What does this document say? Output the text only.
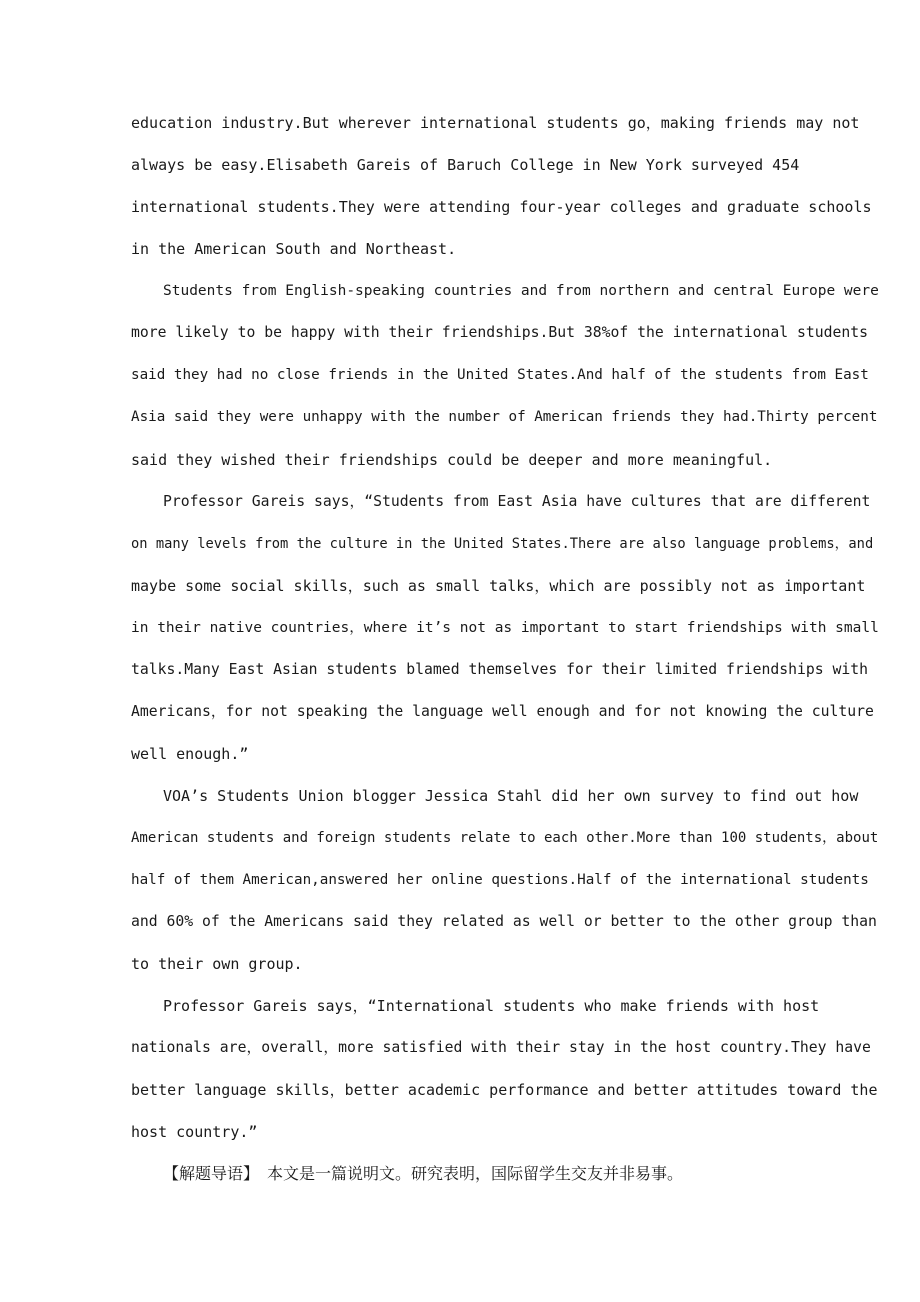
education industry.But wherever international students go，making friends may not
always be easy.Elisabeth Gareis of Baruch College in New York surveyed 454
international students.They were attending four-year colleges and graduate schools
in the American South and Northeast.
Students from English-speaking countries and from northern and central Europe were
more likely to be happy with their friendships.But 38%of the international students
said they had no close friends in the United States.And half of the students from East
Asia said they were unhappy with the number of American friends they had.Thirty percent
said they wished their friendships could be deeper and more meaningful.
Professor Gareis says，“Students from East Asia have cultures that are different
on many levels from the culture in the United States.There are also language problems，and
maybe some social skills，such as small talks，which are possibly not as important
in their native countries，where it’s not as important to start friendships with small
talks.Many East Asian students blamed themselves for their limited friendships with
Americans，for not speaking the language well enough and for not knowing the culture
well enough.”
VOA’s Students Union blogger Jessica Stahl did her own survey to find out how
American students and foreign students relate to each other.More than 100 students，about
half of them American,answered her online questions.Half of the international students
and 60% of the Americans said they related as well or better to the other group than
to their own group.
Professor Gareis says，“International students who make friends with host
nationals are，overall，more satisfied with their stay in the host country.They have
better language skills，better academic performance and better attitudes toward the
host country.”
【解题导语】　本文是一篇说明文。研究表明，国际留学生交友并非易事。
